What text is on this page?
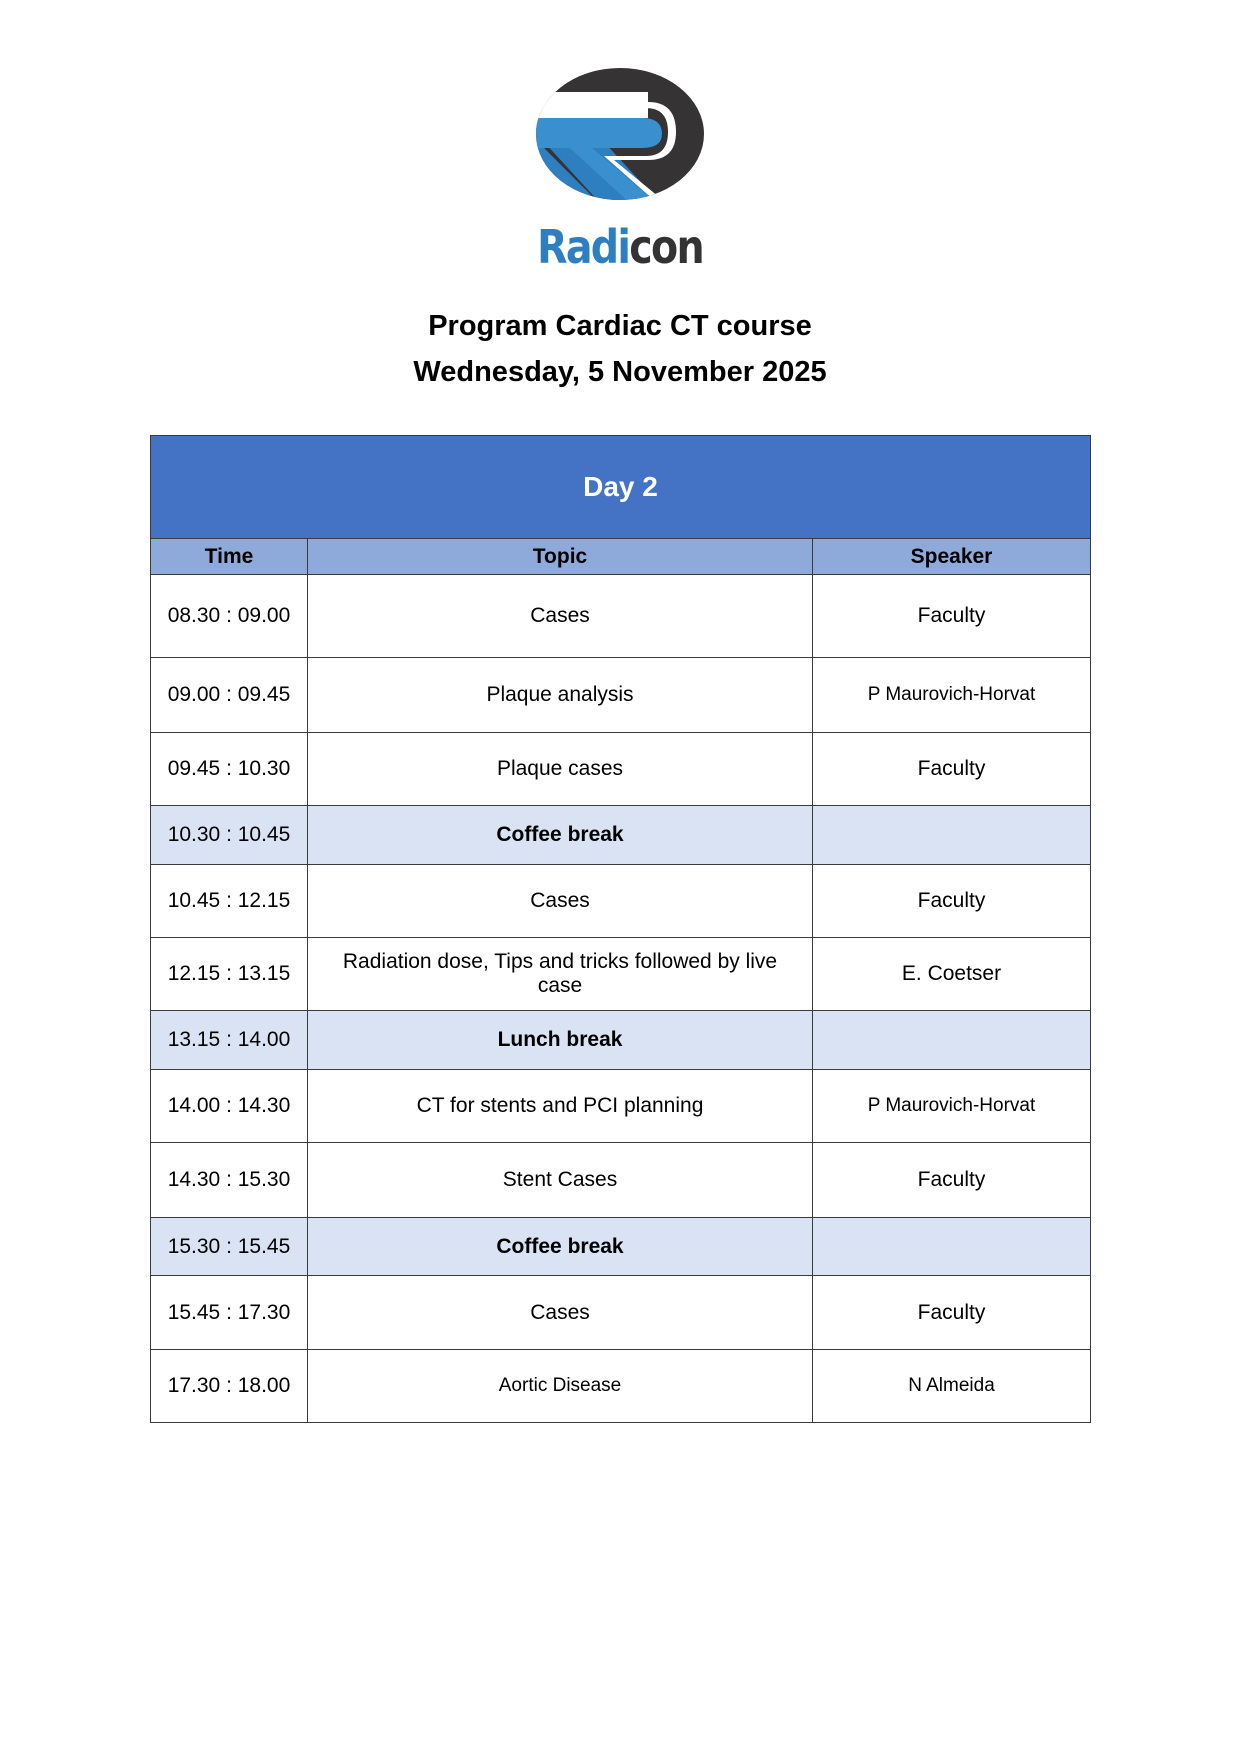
Radicon
Program Cardiac CT course
Wednesday, 5 November 2025
Day 2		
Time	Topic	Speaker
08.30 : 09.00	Cases	Faculty
09.00 : 09.45	Plaque analysis	P Maurovich-Horvat
09.45 : 10.30	Plaque cases	Faculty
10.30 : 10.45	Coffee break	
10.45 : 12.15	Cases	Faculty
12.15 : 13.15	Radiation dose, Tips and tricks followed by live case	E. Coetser
13.15 : 14.00	Lunch break	
14.00 : 14.30	CT for stents and PCI planning	P Maurovich-Horvat
14.30 : 15.30	Stent Cases	Faculty
15.30 : 15.45	Coffee break	
15.45 : 17.30	Cases	Faculty
17.30 : 18.00	Aortic Disease	N Almeida
